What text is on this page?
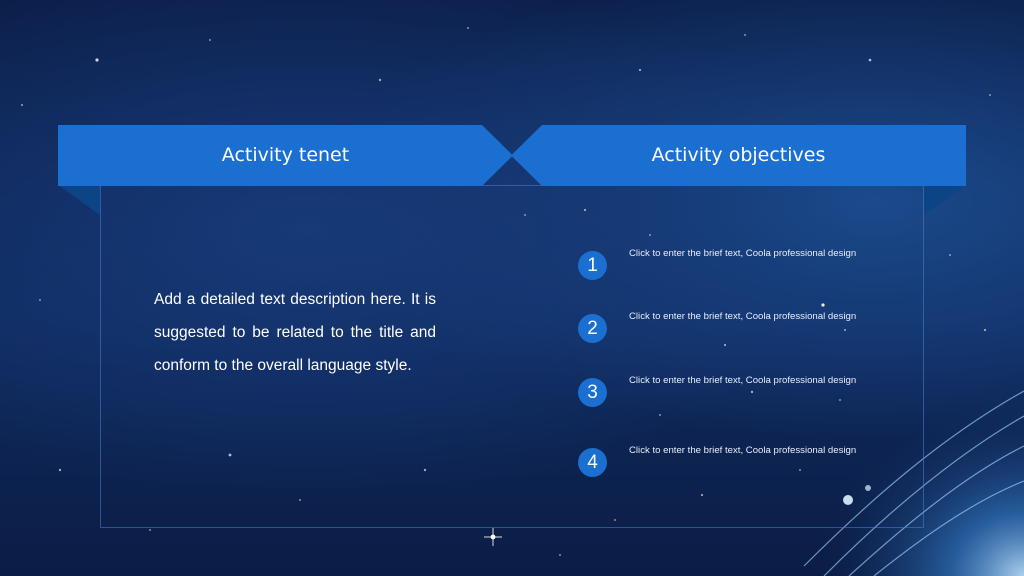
Activity tenet	Activity objectives
Add a detailed text description here. It is suggested to be related to the title and conform to the overall language style.
1
Click to enter the brief text, Coola professional design
2
Click to enter the brief text, Coola professional design
3
Click to enter the brief text, Coola professional design
4
Click to enter the brief text, Coola professional design
